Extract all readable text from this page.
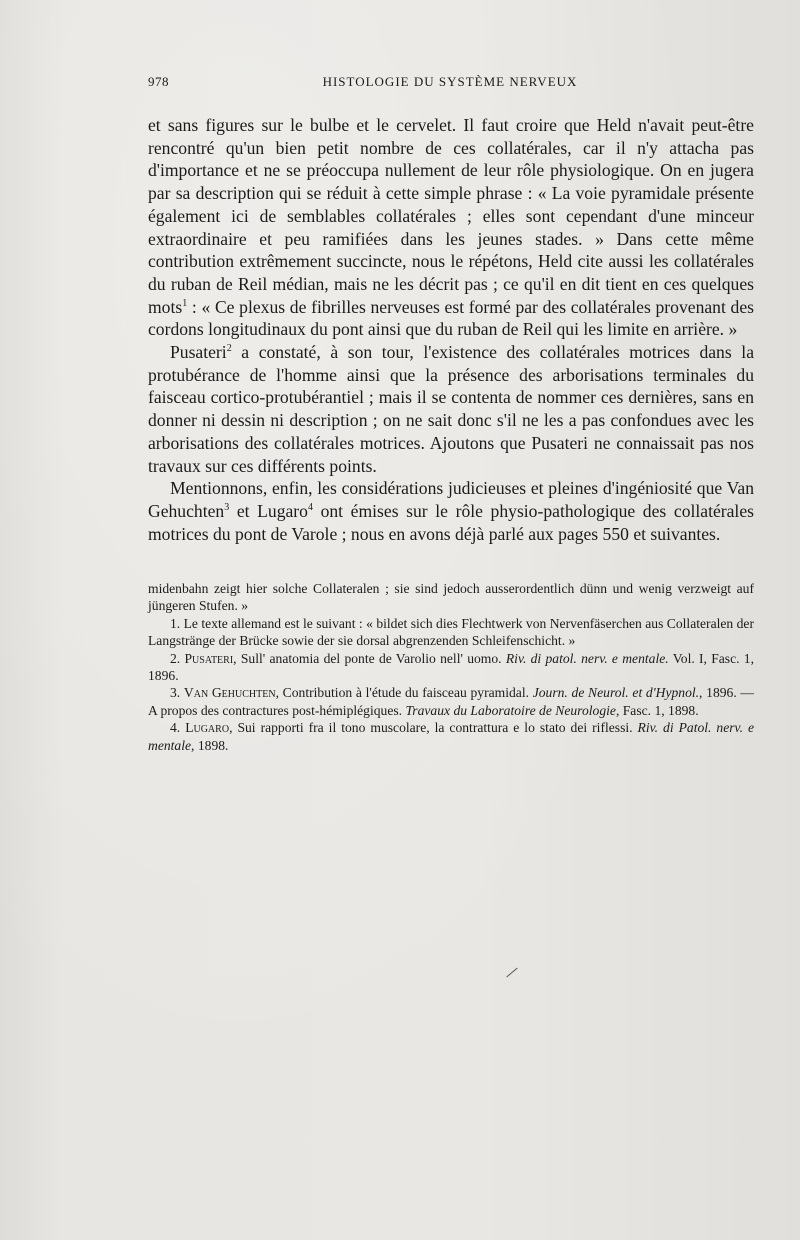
978	HISTOLOGIE DU SYSTÈME NERVEUX

et sans figures sur le bulbe et le cervelet. Il faut croire que Held n'avait peut-être rencontré qu'un bien petit nombre de ces collatérales, car il n'y attacha pas d'importance et ne se préoccupa nullement de leur rôle physiologique. On en jugera par sa description qui se réduit à cette simple phrase : « La voie pyramidale présente également ici de semblables collatérales ; elles sont cependant d'une minceur extraordinaire et peu ramifiées dans les jeunes stades. » Dans cette même contribution extrêmement succincte, nous le répétons, Held cite aussi les collatérales du ruban de Reil médian, mais ne les décrit pas ; ce qu'il en dit tient en ces quelques mots$^1$ : « Ce plexus de fibrilles nerveuses est formé par des collatérales provenant des cordons longitudinaux du pont ainsi que du ruban de Reil qui les limite en arrière. »

Pusateri$^2$ a constaté, à son tour, l'existence des collatérales motrices dans la protubérance de l'homme ainsi que la présence des arborisations terminales du faisceau cortico-protubérantiel ; mais il se contenta de nommer ces dernières, sans en donner ni dessin ni description ; on ne sait donc s'il ne les a pas confondues avec les arborisations des collatérales motrices. Ajoutons que Pusateri ne connaissait pas nos travaux sur ces différents points.

Mentionnons, enfin, les considérations judicieuses et pleines d'ingéniosité que Van Gehuchten$^3$ et Lugaro$^4$ ont émises sur le rôle physio-pathologique des collatérales motrices du pont de Varole ; nous en avons déjà parlé aux pages 550 et suivantes.

midenbahn zeigt hier solche Collateralen ; sie sind jedoch ausserordentlich dünn und wenig verzweigt auf jüngeren Stufen. »

1. Le texte allemand est le suivant : « bildet sich dies Flechtwerk von Nervenfäserchen aus Collateralen der Langstränge der Brücke sowie der sie dorsal abgrenzenden Schleifenschicht. »

2. Pusateri, Sull' anatomia del ponte de Varolio nell' uomo. Riv. di patol. nerv. e mentale. Vol. I, Fasc. 1, 1896.

3. Van Gehuchten, Contribution à l'étude du faisceau pyramidal. Journ. de Neurol. et d'Hypnol., 1896. — A propos des contractures post-hémiplégiques. Travaux du Laboratoire de Neurologie, Fasc. 1, 1898.

4. Lugaro, Sui rapporti fra il tono muscolare, la contrattura e lo stato dei riflessi. Riv. di Patol. nerv. e mentale, 1898.
